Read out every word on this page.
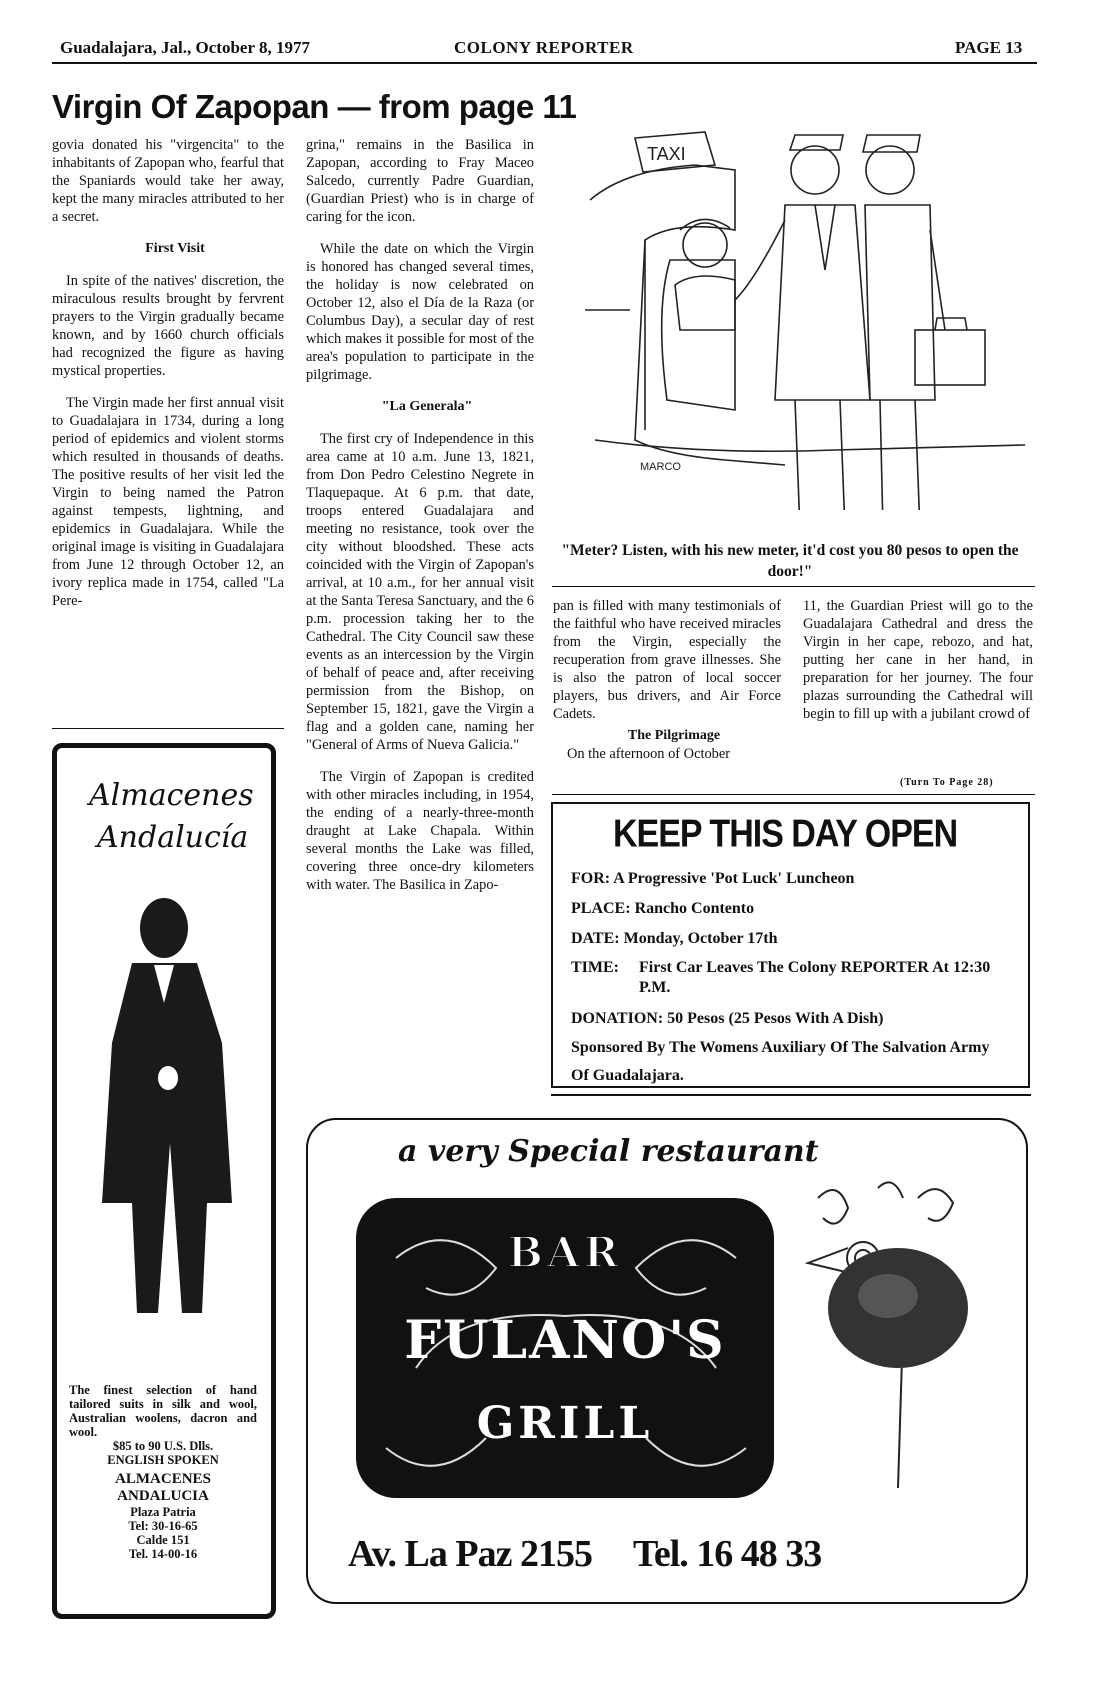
Guadalajara, Jal., October 8, 1977	COLONY REPORTER	PAGE 13
Virgin Of Zapopan — from page 11

govia donated his "virgencita" to the inhabitants of Zapopan who, fearful that the Spaniards would take her away, kept the many miracles attributed to her a secret.

First Visit

In spite of the natives' discretion, the miraculous results brought by fervrent prayers to the Virgin gradually became known, and by 1660 church officials had recognized the figure as having mystical properties.

The Virgin made her first annual visit to Guadalajara in 1734, during a long period of epidemics and violent storms which resulted in thousands of deaths. The positive results of her visit led the Virgin to being named the Patron against tempests, lightning, and epidemics in Guadalajara. While the original image is visiting in Guadalajara from June 12 through October 12, an ivory replica made in 1754, called "La Pere-

grina," remains in the Basilica in Zapopan, according to Fray Maceo Salcedo, currently Padre Guardian, (Guardian Priest) who is in charge of caring for the icon.

While the date on which the Virgin is honored has changed several times, the holiday is now celebrated on October 12, also el Día de la Raza (or Columbus Day), a secular day of rest which makes it possible for most of the area's population to participate in the pilgrimage.

"La Generala"

The first cry of Independence in this area came at 10 a.m. June 13, 1821, from Don Pedro Celestino Negrete in Tlaquepaque. At 6 p.m. that date, troops entered Guadalajara and meeting no resistance, took over the city without bloodshed. These acts coincided with the Virgin of Zapopan's arrival, at 10 a.m., for her annual visit at the Santa Teresa Sanctuary, and the 6 p.m. procession taking her to the Cathedral. The City Council saw these events as an intercession by the Virgin of behalf of peace and, after receiving permission from the Bishop, on September 15, 1821, gave the Virgin a flag and a golden cane, naming her "General of Arms of Nueva Galicia."

The Virgin of Zapopan is credited with other miracles including, in 1954, the ending of a nearly-three-month draught at Lake Chapala. Within several months the Lake was filled, covering three once-dry kilometers with water. The Basilica in Zapo-

TAXI
MARCO
"Meter? Listen, with his new meter, it'd cost you 80 pesos to open the door!"

pan is filled with many testimonials of the faithful who have received miracles from the Virgin, especially the recuperation from grave illnesses. She is also the patron of local soccer players, bus drivers, and Air Force Cadets.

The Pilgrimage

On the afternoon of October

11, the Guardian Priest will go to the Guadalajara Cathedral and dress the Virgin in her cape, rebozo, and hat, putting her cane in her hand, in preparation for her journey. The four plazas surrounding the Cathedral will begin to fill up with a jubilant crowd of

(Turn To Page 28)
KEEP THIS DAY OPEN
FOR: A Progressive 'Pot Luck' Luncheon
PLACE: Rancho Contento
DATE: Monday, October 17th
TIME:	First Car Leaves The Colony REPORTER At 12:30 P.M.
DONATION: 50 Pesos (25 Pesos With A Dish)
Sponsored By The Womens Auxiliary Of The Salvation Army Of Guadalajara.
Almacenes
Andalucía
The finest selection of hand tailored suits in silk and wool, Australian woolens, dacron and wool.
$85 to 90 U.S. Dlls.
ENGLISH SPOKEN
ALMACENES
ANDALUCIA
Plaza Patria
Tel: 30-16-65
Calde 151
Tel. 14-00-16
a very Special restaurant
BAR
FULANO'S
GRILL
Av. La Paz 2155 Tel. 16 48 33
